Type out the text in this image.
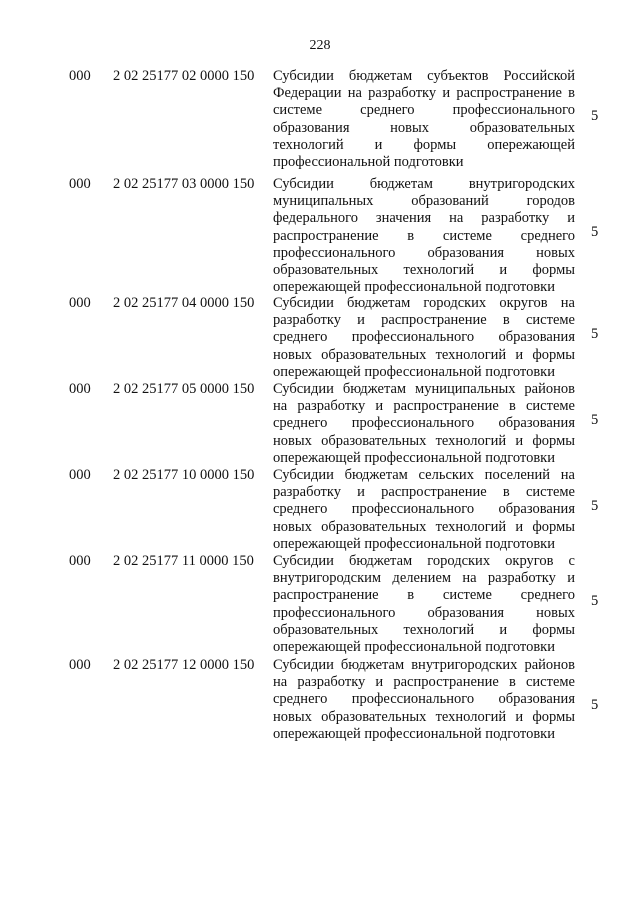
228
000 2 02 25177 02 0000 150 Субсидии бюджетам субъектов Российской Федерации на разработку и распространение в системе среднего профессионального образования новых образовательных технологий и формы опережающей профессиональной подготовки
5
000 2 02 25177 03 0000 150 Субсидии бюджетам внутригородских муниципальных образований городов федерального значения на разработку и распространение в системе среднего профессионального образования новых образовательных технологий и формы опережающей профессиональной подготовки
5
000 2 02 25177 04 0000 150 Субсидии бюджетам городских округов на разработку и распространение в системе среднего профессионального образования новых образовательных технологий и формы опережающей профессиональной подготовки
5
000 2 02 25177 05 0000 150 Субсидии бюджетам муниципальных районов на разработку и распространение в системе среднего профессионального образования новых образовательных технологий и формы опережающей профессиональной подготовки
5
000 2 02 25177 10 0000 150 Субсидии бюджетам сельских поселений на разработку и распространение в системе среднего профессионального образования новых образовательных технологий и формы опережающей профессиональной подготовки
5
000 2 02 25177 11 0000 150 Субсидии бюджетам городских округов с внутригородским делением на разработку и распространение в системе среднего профессионального образования новых образовательных технологий и формы опережающей профессиональной подготовки
5
000 2 02 25177 12 0000 150 Субсидии бюджетам внутригородских районов на разработку и распространение в системе среднего профессионального образования новых образовательных технологий и формы опережающей профессиональной подготовки
5
